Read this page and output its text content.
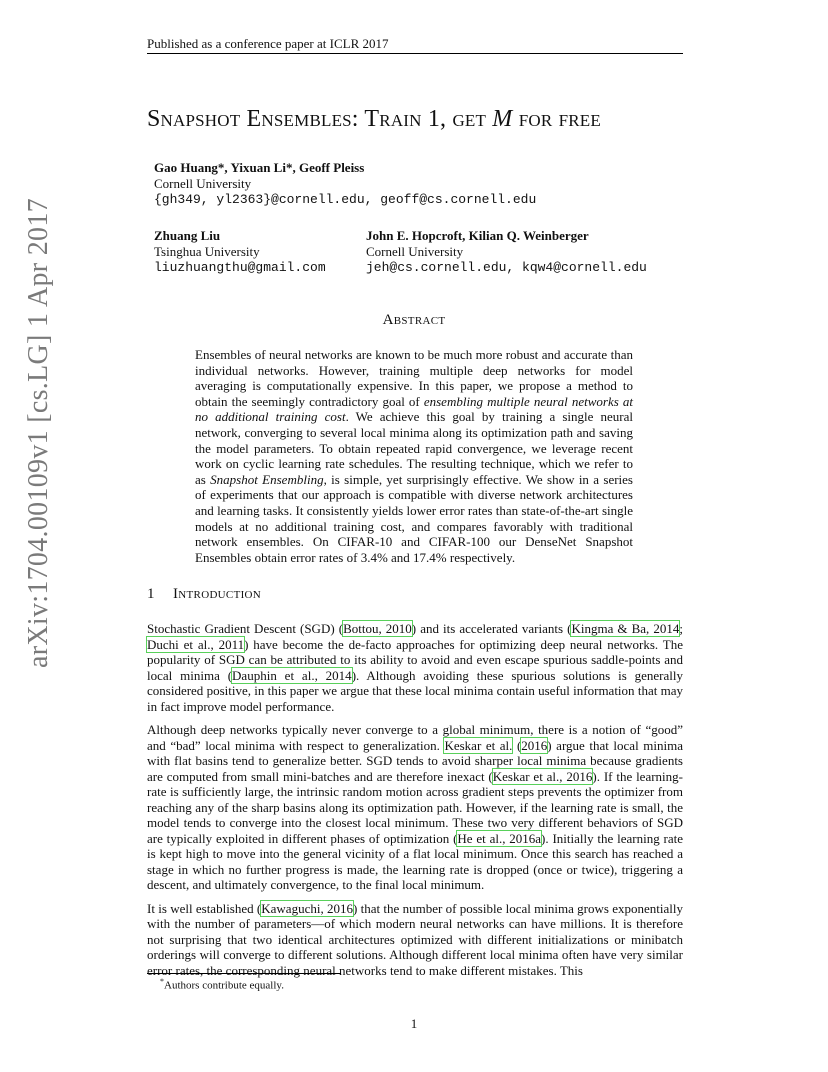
Published as a conference paper at ICLR 2017
arXiv:1704.00109v1 [cs.LG] 1 Apr 2017
Snapshot Ensembles: Train 1, get M for free
Gao Huang*, Yixuan Li*, Geoff Pleiss
Cornell University
{gh349, yl2363}@cornell.edu, geoff@cs.cornell.edu
Zhuang Liu
Tsinghua University
liuzhuangthu@gmail.com
John E. Hopcroft, Kilian Q. Weinberger
Cornell University
jeh@cs.cornell.edu, kqw4@cornell.edu
Abstract
Ensembles of neural networks are known to be much more robust and accurate than individual networks. However, training multiple deep networks for model averaging is computationally expensive. In this paper, we propose a method to obtain the seemingly contradictory goal of ensembling multiple neural networks at no additional training cost. We achieve this goal by training a single neural network, converging to several local minima along its optimization path and saving the model parameters. To obtain repeated rapid convergence, we leverage recent work on cyclic learning rate schedules. The resulting technique, which we refer to as Snapshot Ensembling, is simple, yet surprisingly effective. We show in a series of experiments that our approach is compatible with diverse network architectures and learning tasks. It consistently yields lower error rates than state-of-the-art single models at no additional training cost, and compares favorably with traditional network ensembles. On CIFAR-10 and CIFAR-100 our DenseNet Snapshot Ensembles obtain error rates of 3.4% and 17.4% respectively.
1 Introduction

Stochastic Gradient Descent (SGD) (Bottou, 2010) and its accelerated variants (Kingma & Ba, 2014; Duchi et al., 2011) have become the de-facto approaches for optimizing deep neural networks. The popularity of SGD can be attributed to its ability to avoid and even escape spurious saddle-points and local minima (Dauphin et al., 2014). Although avoiding these spurious solutions is generally considered positive, in this paper we argue that these local minima contain useful information that may in fact improve model performance.

Although deep networks typically never converge to a global minimum, there is a notion of “good” and “bad” local minima with respect to generalization. Keskar et al. (2016) argue that local minima with flat basins tend to generalize better. SGD tends to avoid sharper local minima because gradients are computed from small mini-batches and are therefore inexact (Keskar et al., 2016). If the learning-rate is sufficiently large, the intrinsic random motion across gradient steps prevents the optimizer from reaching any of the sharp basins along its optimization path. However, if the learning rate is small, the model tends to converge into the closest local minimum. These two very different behaviors of SGD are typically exploited in different phases of optimization (He et al., 2016a). Initially the learning rate is kept high to move into the general vicinity of a flat local minimum. Once this search has reached a stage in which no further progress is made, the learning rate is dropped (once or twice), triggering a descent, and ultimately convergence, to the final local minimum.

It is well established (Kawaguchi, 2016) that the number of possible local minima grows exponentially with the number of parameters—of which modern neural networks can have millions. It is therefore not surprising that two identical architectures optimized with different initializations or minibatch orderings will converge to different solutions. Although different local minima often have very similar error rates, the corresponding neural networks tend to make different mistakes. This

*Authors contribute equally.
1
